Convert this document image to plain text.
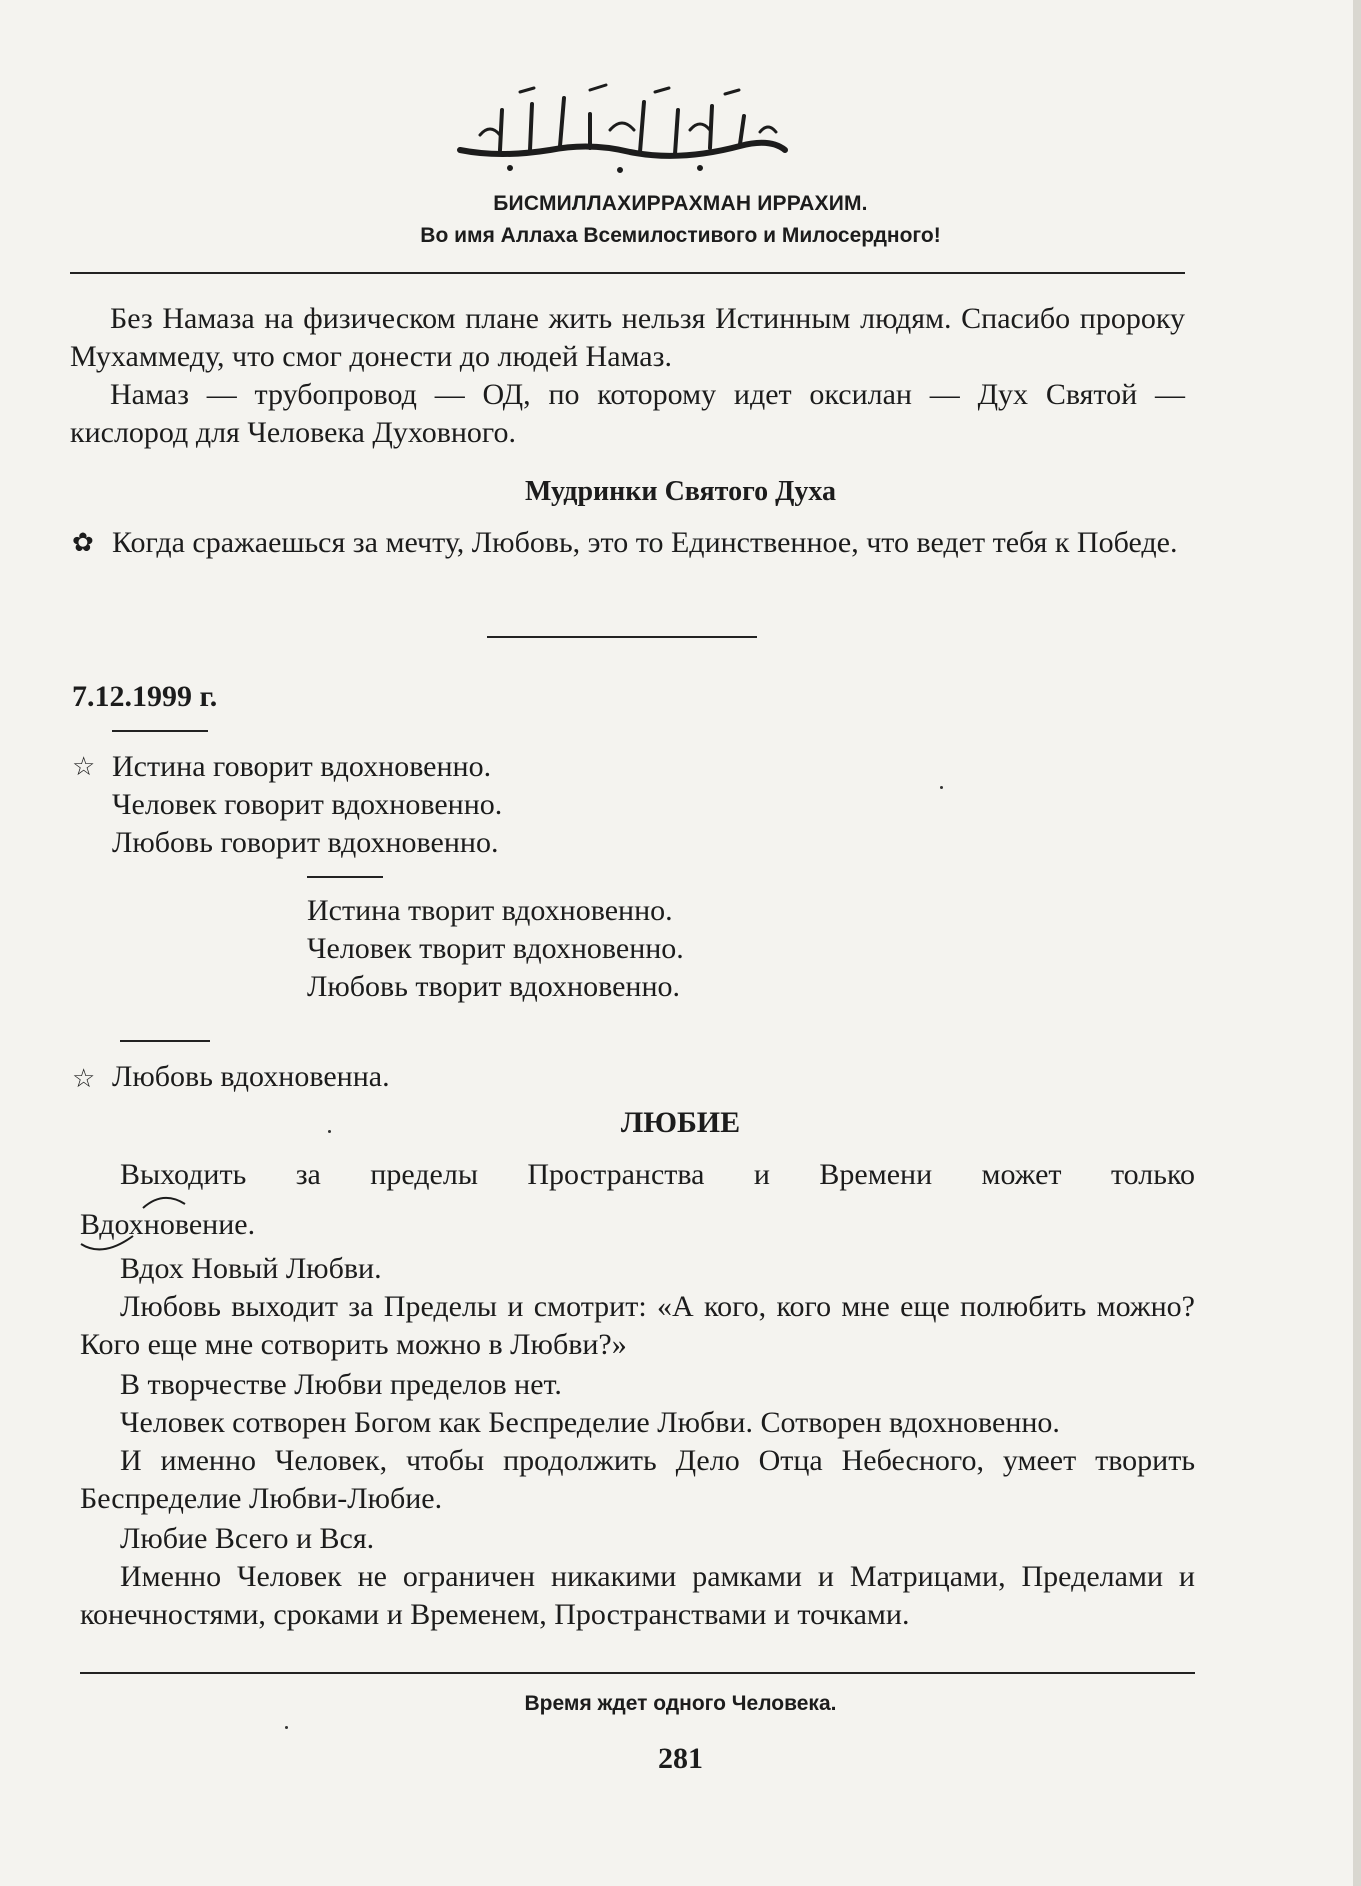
БИСМИЛЛАХИРРАХМАН ИРРАХИМ.
Во имя Аллаха Всемилостивого и Милосердного!

Без Намаза на физическом плане жить нельзя Истинным людям. Спасибо пророку Мухаммеду, что смог донести до людей Намаз.

Намаз — трубопровод — ОД, по которому идет оксилан — Дух Святой — кислород для Человека Духовного.

Мудринки Святого Духа
✿ Когда сражаешься за мечту, Любовь, это то Единственное, что ведет тебя к Победе.

7.12.1999 г.
☆ Истина говорит вдохновенно.
Человек говорит вдохновенно.
Любовь говорит вдохновенно.
Истина творит вдохновенно.
Человек творит вдохновенно.
Любовь творит вдохновенно.
☆ Любовь вдохновенна.
ЛЮБИЕ

Выходить за пределы Пространства и Времени может только

Вдохновение.
Вдох Новый Любви.

Любовь выходит за Пределы и смотрит: «А кого, кого мне еще полюбить можно? Кого еще мне сотворить можно в Любви?»

В творчестве Любви пределов нет.

Человек сотворен Богом как Беспределие Любви. Сотворен вдохновенно.

И именно Человек, чтобы продолжить Дело Отца Небесного, умеет творить Беспределие Любви-Любие.

Любие Всего и Вся.

Именно Человек не ограничен никакими рамками и Матрицами, Пределами и конечностями, сроками и Временем, Пространствами и точками.

Время ждет одного Человека.
281
